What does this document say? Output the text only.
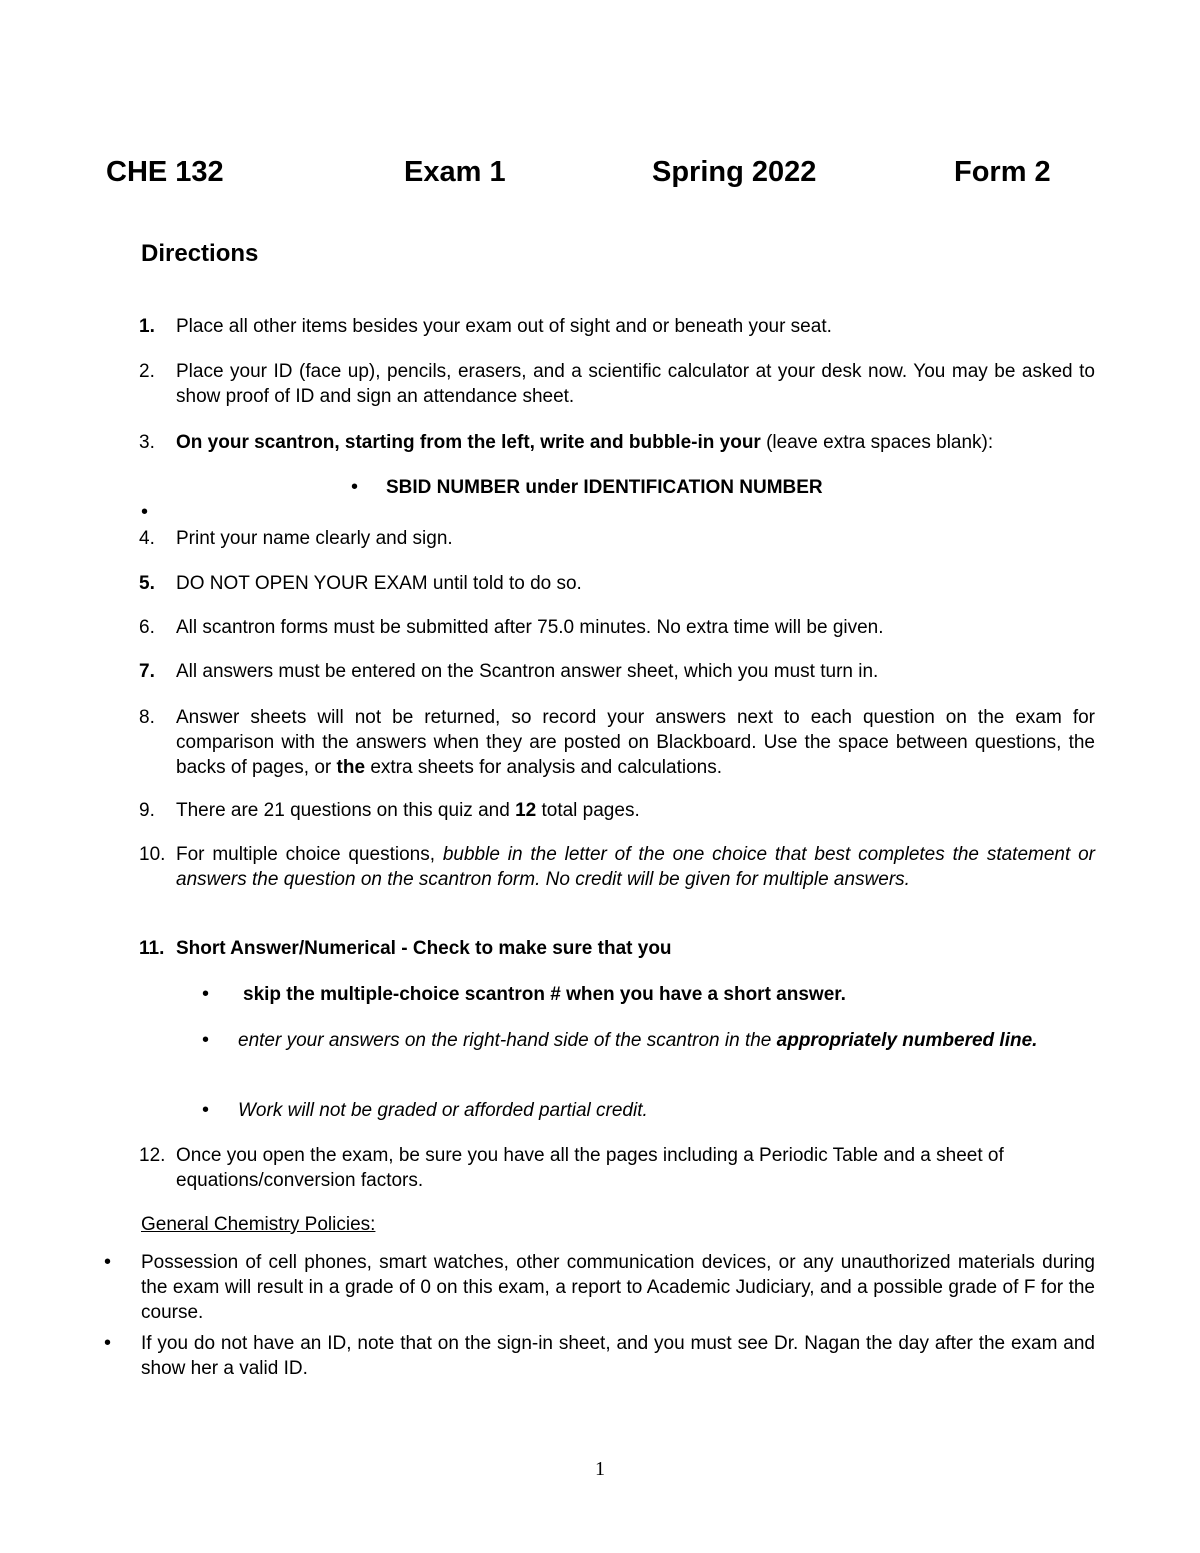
CHE 132	Exam 1	Spring 2022	Form 2
Directions
1. Place all other items besides your exam out of sight and or beneath your seat.
2. Place your ID (face up), pencils, erasers, and a scientific calculator at your desk now. You may be asked to show proof of ID and sign an attendance sheet.
3. On your scantron, starting from the left, write and bubble-in your (leave extra spaces blank):
• SBID NUMBER under IDENTIFICATION NUMBER
•
4. Print your name clearly and sign.
5. DO NOT OPEN YOUR EXAM until told to do so.
6. All scantron forms must be submitted after 75.0 minutes. No extra time will be given.
7. All answers must be entered on the Scantron answer sheet, which you must turn in.
8. Answer sheets will not be returned, so record your answers next to each question on the exam for comparison with the answers when they are posted on Blackboard. Use the space between questions, the backs of pages, or the extra sheets for analysis and calculations.
9. There are 21 questions on this quiz and 12 total pages.
10. For multiple choice questions, bubble in the letter of the one choice that best completes the statement or answers the question on the scantron form. No credit will be given for multiple answers.
11. Short Answer/Numerical - Check to make sure that you
• skip the multiple-choice scantron # when you have a short answer.
• enter your answers on the right-hand side of the scantron in the appropriately numbered line.
• Work will not be graded or afforded partial credit.
12. Once you open the exam, be sure you have all the pages including a Periodic Table and a sheet of equations/conversion factors.
General Chemistry Policies:
• Possession of cell phones, smart watches, other communication devices, or any unauthorized materials during the exam will result in a grade of 0 on this exam, a report to Academic Judiciary, and a possible grade of F for the course.
• If you do not have an ID, note that on the sign-in sheet, and you must see Dr. Nagan the day after the exam and show her a valid ID.
1
